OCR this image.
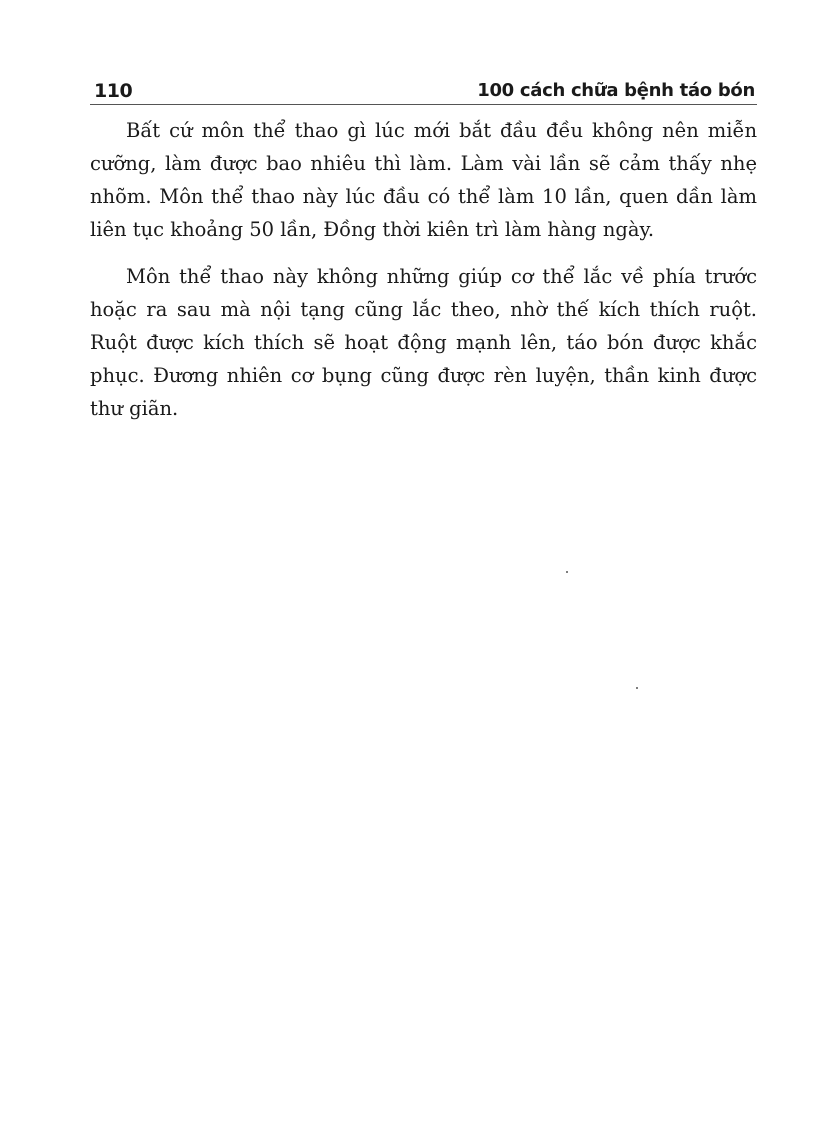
110	100 cách chữa bệnh táo bón

Bất cứ môn thể thao gì lúc mới bắt đầu đều không nên miễn cưỡng, làm được bao nhiêu thì làm. Làm vài lần sẽ cảm thấy nhẹ nhõm. Môn thể thao này lúc đầu có thể làm 10 lần, quen dần làm liên tục khoảng 50 lần, Đồng thời kiên trì làm hàng ngày.

Môn thể thao này không những giúp cơ thể lắc về phía trước hoặc ra sau mà nội tạng cũng lắc theo, nhờ thế kích thích ruột. Ruột được kích thích sẽ hoạt động mạnh lên, táo bón được khắc phục. Đương nhiên cơ bụng cũng được rèn luyện, thần kinh được thư giãn.
